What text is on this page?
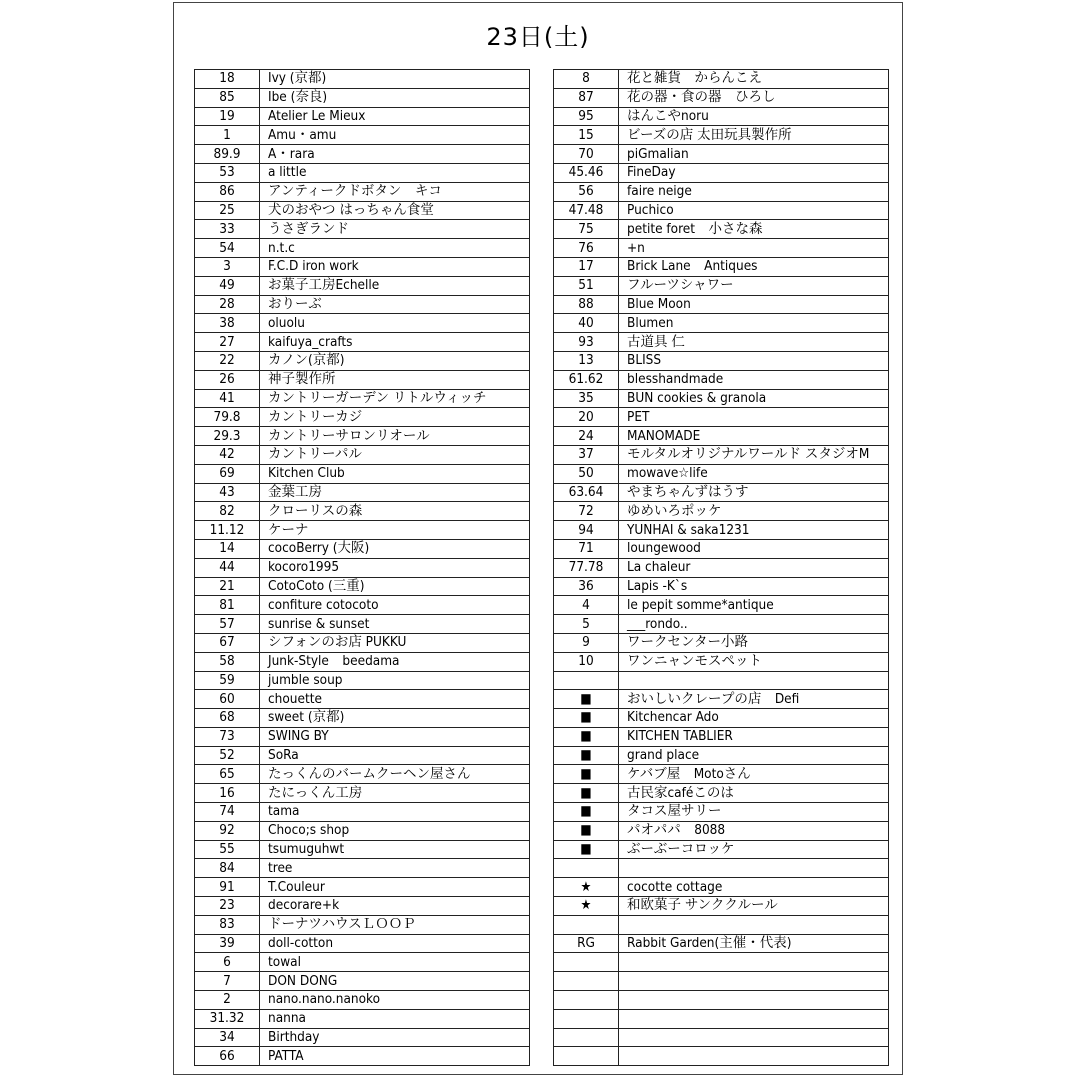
23日(土)
18	Ivy (京都)
85	Ibe (奈良)
19	Atelier Le Mieux
1	Amu・amu
89.9	A・rara
53	a little
86	アンティークドボタン　キコ
25	犬のおやつ はっちゃん食堂
33	うさぎランド
54	n.t.c
3	F.C.D iron work
49	お菓子工房Echelle
28	おりーぶ
38	oluolu
27	kaifuya_crafts
22	カノン(京都)
26	神子製作所
41	カントリーガーデン リトルウィッチ
79.8	カントリーカジ
29.3	カントリーサロンリオール
42	カントリーパル
69	Kitchen Club
43	金葉工房
82	クローリスの森
11.12	ケーナ
14	cocoBerry (大阪)
44	kocoro1995
21	CotoCoto (三重)
81	confiture cotocoto
57	sunrise & sunset
67	シフォンのお店 PUKKU
58	Junk-Style　beedama
59	jumble soup
60	chouette
68	sweet (京都)
73	SWING BY
52	SoRa
65	たっくんのバームクーヘン屋さん
16	たにっくん工房
74	tama
92	Choco;s shop
55	tsumuguhwt
84	tree
91	T.Couleur
23	decorare+k
83	ドーナツハウスＬＯＯＰ
39	doll-cotton
6	towal
7	DON DONG
2	nano.nano.nanoko
31.32	nanna
34	Birthday
66	PATTA
8	花と雑貨　からんこえ
87	花の器・食の器　ひろし
95	はんこやnoru
15	ビーズの店 太田玩具製作所
70	piGmalian
45.46	FineDay
56	faire neige
47.48	Puchico
75	petite foret　小さな森
76	+n
17	Brick Lane　Antiques
51	フルーツシャワー
88	Blue Moon
40	Blumen
93	古道具 仁
13	BLISS
61.62	blesshandmade
35	BUN cookies & granola
20	PET
24	MANOMADE
37	モルタルオリジナルワールド スタジオM
50	mowave☆life
63.64	やまちゃんずはうす
72	ゆめいろポッケ
94	YUNHAI & saka1231
71	loungewood
77.78	La chaleur
36	Lapis -K`s
4	le pepit somme*antique
5	___rondo..
9	ワークセンター小路
10	ワンニャンモスペット

■	おいしいクレープの店　Defi
■	Kitchencar Ado
■	KITCHEN TABLIER
■	grand place
■	ケバブ屋　Motoさん
■	古民家caféこのは
■	タコス屋サリー
■	パオパパ　8088
■	ぶーぶーコロッケ

★	cocotte cottage
★	和欧菓子 サンククルール

RG	Rabbit Garden(主催・代表)
